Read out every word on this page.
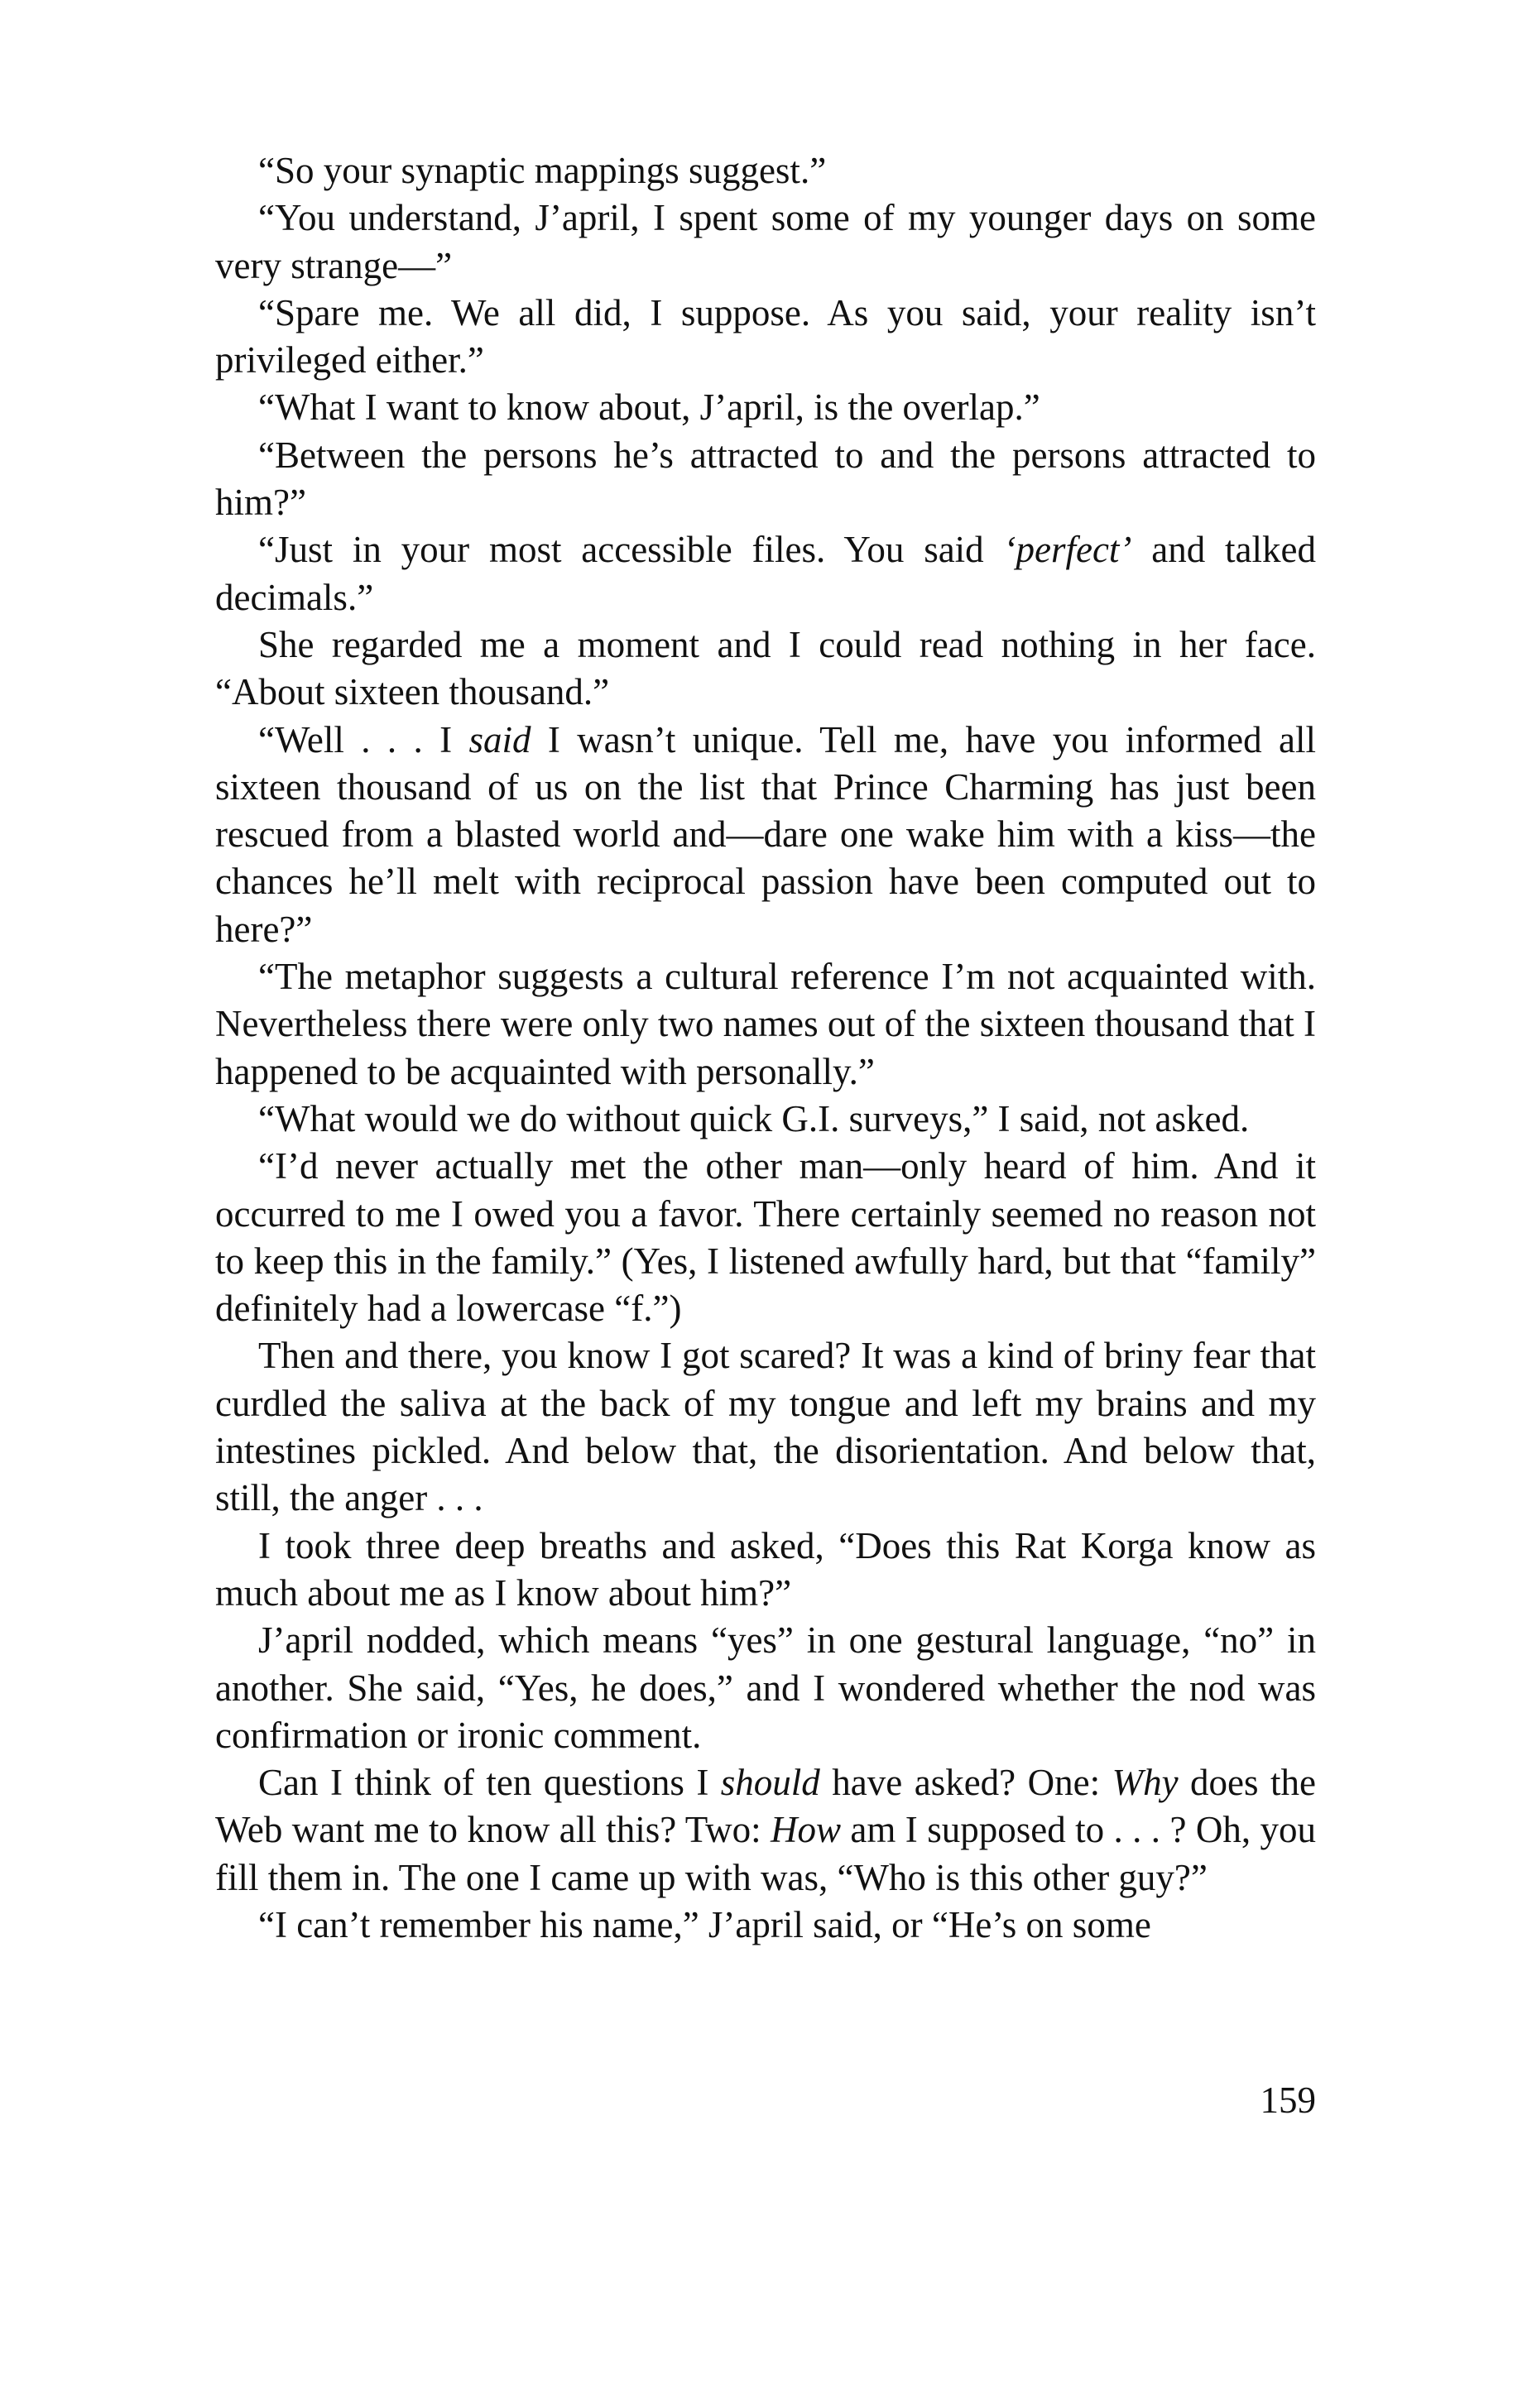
“So your synaptic mappings suggest.”

“You understand, J’april, I spent some of my younger days on some very strange—”

“Spare me. We all did, I suppose. As you said, your reality isn’t privileged either.”

“What I want to know about, J’april, is the overlap.”

“Between the persons he’s attracted to and the persons attracted to him?”

“Just in your most accessible files. You said ‘perfect’ and talked decimals.”

She regarded me a moment and I could read nothing in her face. “About sixteen thousand.”

“Well . . . I said I wasn’t unique. Tell me, have you informed all sixteen thousand of us on the list that Prince Charming has just been rescued from a blasted world and—dare one wake him with a kiss—the chances he’ll melt with reciprocal passion have been computed out to here?”

“The metaphor suggests a cultural reference I’m not acquainted with. Nevertheless there were only two names out of the sixteen thousand that I happened to be acquainted with personally.”

“What would we do without quick G.I. surveys,” I said, not asked.

“I’d never actually met the other man—only heard of him. And it occurred to me I owed you a favor. There certainly seemed no reason not to keep this in the family.” (Yes, I listened awfully hard, but that “family” definitely had a lowercase “f.”)

Then and there, you know I got scared? It was a kind of briny fear that curdled the saliva at the back of my tongue and left my brains and my intestines pickled. And below that, the disorientation. And below that, still, the anger . . .

I took three deep breaths and asked, “Does this Rat Korga know as much about me as I know about him?”

J’april nodded, which means “yes” in one gestural language, “no” in another. She said, “Yes, he does,” and I wondered whether the nod was confirmation or ironic comment.

Can I think of ten questions I should have asked? One: Why does the Web want me to know all this? Two: How am I supposed to . . . ? Oh, you fill them in. The one I came up with was, “Who is this other guy?”

“I can’t remember his name,” J’april said, or “He’s on some

159
